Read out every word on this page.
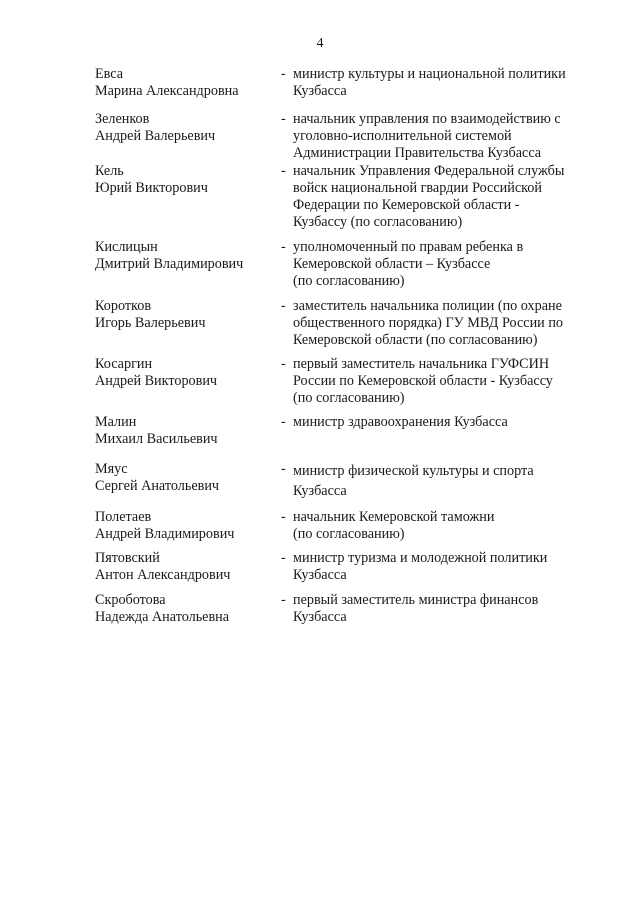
4
Евса
Марина Александровна
- министр культуры и национальной политики
Кузбасса
Зеленков
Андрей Валерьевич
- начальник управления по взаимодействию с
уголовно-исполнительной системой
Администрации Правительства Кузбасса
Кель
Юрий Викторович
- начальник Управления Федеральной службы
войск национальной гвардии Российской
Федерации по Кемеровской области -
Кузбассу (по согласованию)
Кислицын
Дмитрий Владимирович
- уполномоченный по правам ребенка в
Кемеровской области – Кузбассе
(по согласованию)
Коротков
Игорь Валерьевич
- заместитель начальника полиции (по охране
общественного порядка) ГУ МВД России по
Кемеровской области (по согласованию)
Косаргин
Андрей Викторович
- первый заместитель начальника ГУФСИН
России по Кемеровской области - Кузбассу
(по согласованию)
Малин
Михаил Васильевич
- министр здравоохранения Кузбасса
Мяус
Сергей Анатольевич
- министр физической культуры и спорта
Кузбасса
Полетаев
Андрей Владимирович
- начальник Кемеровской таможни
(по согласованию)
Пятовский
Антон Александрович
- министр туризма и молодежной политики
Кузбасса
Скроботова
Надежда Анатольевна
- первый заместитель министра финансов
Кузбасса
